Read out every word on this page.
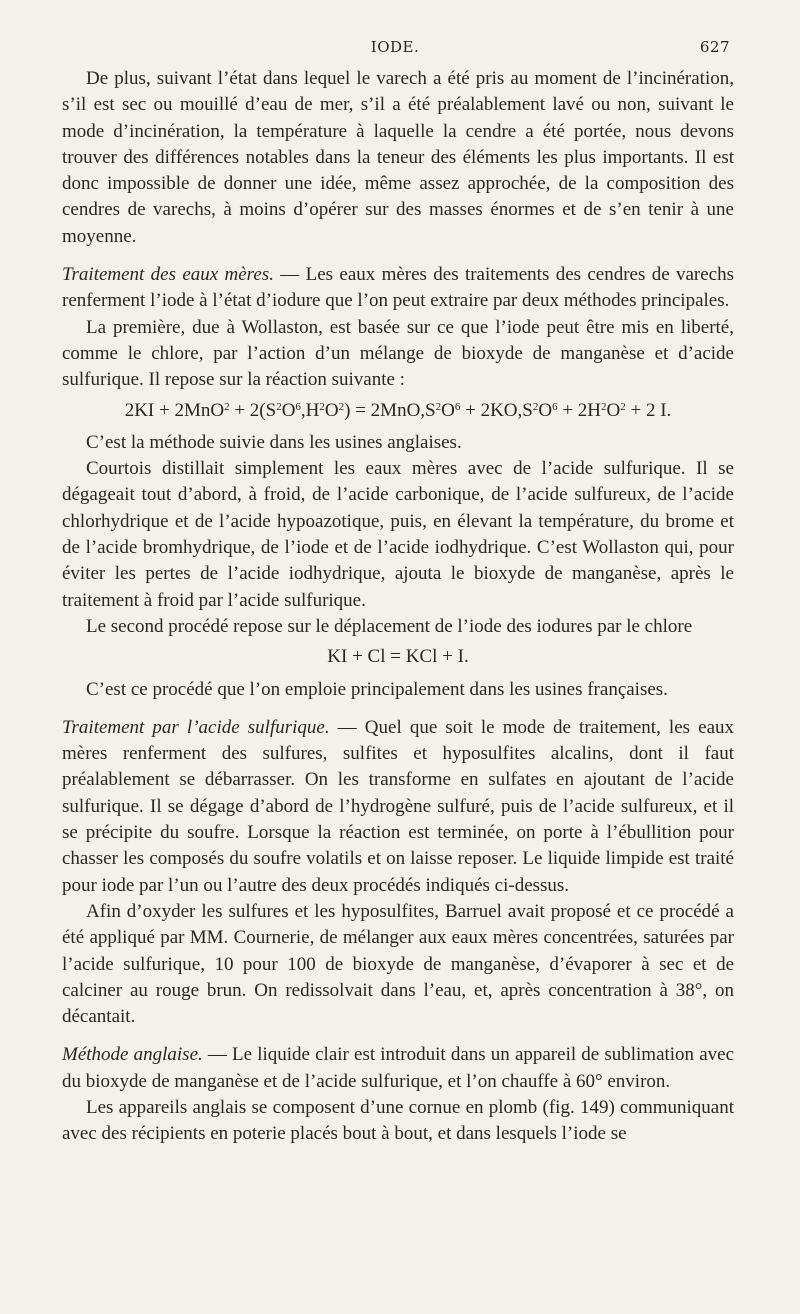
IODE.	627

De plus, suivant l’état dans lequel le varech a été pris au moment de l’incinération, s’il est sec ou mouillé d’eau de mer, s’il a été préalablement lavé ou non, suivant le mode d’incinération, la température à laquelle la cendre a été portée, nous devons trouver des différences notables dans la teneur des éléments les plus importants. Il est donc impossible de donner une idée, même assez approchée, de la composition des cendres de varechs, à moins d’opérer sur des masses énormes et de s’en tenir à une moyenne.

Traitement des eaux mères. — Les eaux mères des traitements des cendres de varechs renferment l’iode à l’état d’iodure que l’on peut extraire par deux méthodes principales.

La première, due à Wollaston, est basée sur ce que l’iode peut être mis en liberté, comme le chlore, par l’action d’un mélange de bioxyde de manganèse et d’acide sulfurique. Il repose sur la réaction suivante :

$2KI + 2MnO^2 + 2(S^2O^6,H^2O^2) = 2MnO,S^2O^6 + 2KO,S^2O^6 + 2H^2O^2 + 2$ I.

C’est la méthode suivie dans les usines anglaises.

Courtois distillait simplement les eaux mères avec de l’acide sulfurique. Il se dégageait tout d’abord, à froid, de l’acide carbonique, de l’acide sulfureux, de l’acide chlorhydrique et de l’acide hypoazotique, puis, en élevant la température, du brome et de l’acide bromhydrique, de l’iode et de l’acide iodhydrique. C’est Wollaston qui, pour éviter les pertes de l’acide iodhydrique, ajouta le bioxyde de manganèse, après le traitement à froid par l’acide sulfurique.

Le second procédé repose sur le déplacement de l’iode des iodures par le chlore

KI + Cl = KCl + I.

C’est ce procédé que l’on emploie principalement dans les usines françaises.

Traitement par l’acide sulfurique. — Quel que soit le mode de traitement, les eaux mères renferment des sulfures, sulfites et hyposulfites alcalins, dont il faut préalablement se débarrasser. On les transforme en sulfates en ajoutant de l’acide sulfurique. Il se dégage d’abord de l’hydrogène sulfuré, puis de l’acide sulfureux, et il se précipite du soufre. Lorsque la réaction est terminée, on porte à l’ébullition pour chasser les composés du soufre volatils et on laisse reposer. Le liquide limpide est traité pour iode par l’un ou l’autre des deux procédés indiqués ci-dessus.

Afin d’oxyder les sulfures et les hyposulfites, Barruel avait proposé et ce procédé a été appliqué par MM. Cournerie, de mélanger aux eaux mères concentrées, saturées par l’acide sulfurique, 10 pour 100 de bioxyde de manganèse, d’évaporer à sec et de calciner au rouge brun. On redissolvait dans l’eau, et, après concentration à 38°, on décantait.

Méthode anglaise. — Le liquide clair est introduit dans un appareil de sublimation avec du bioxyde de manganèse et de l’acide sulfurique, et l’on chauffe à 60° environ.

Les appareils anglais se composent d’une cornue en plomb (fig. 149) communiquant avec des récipients en poterie placés bout à bout, et dans lesquels l’iode se
